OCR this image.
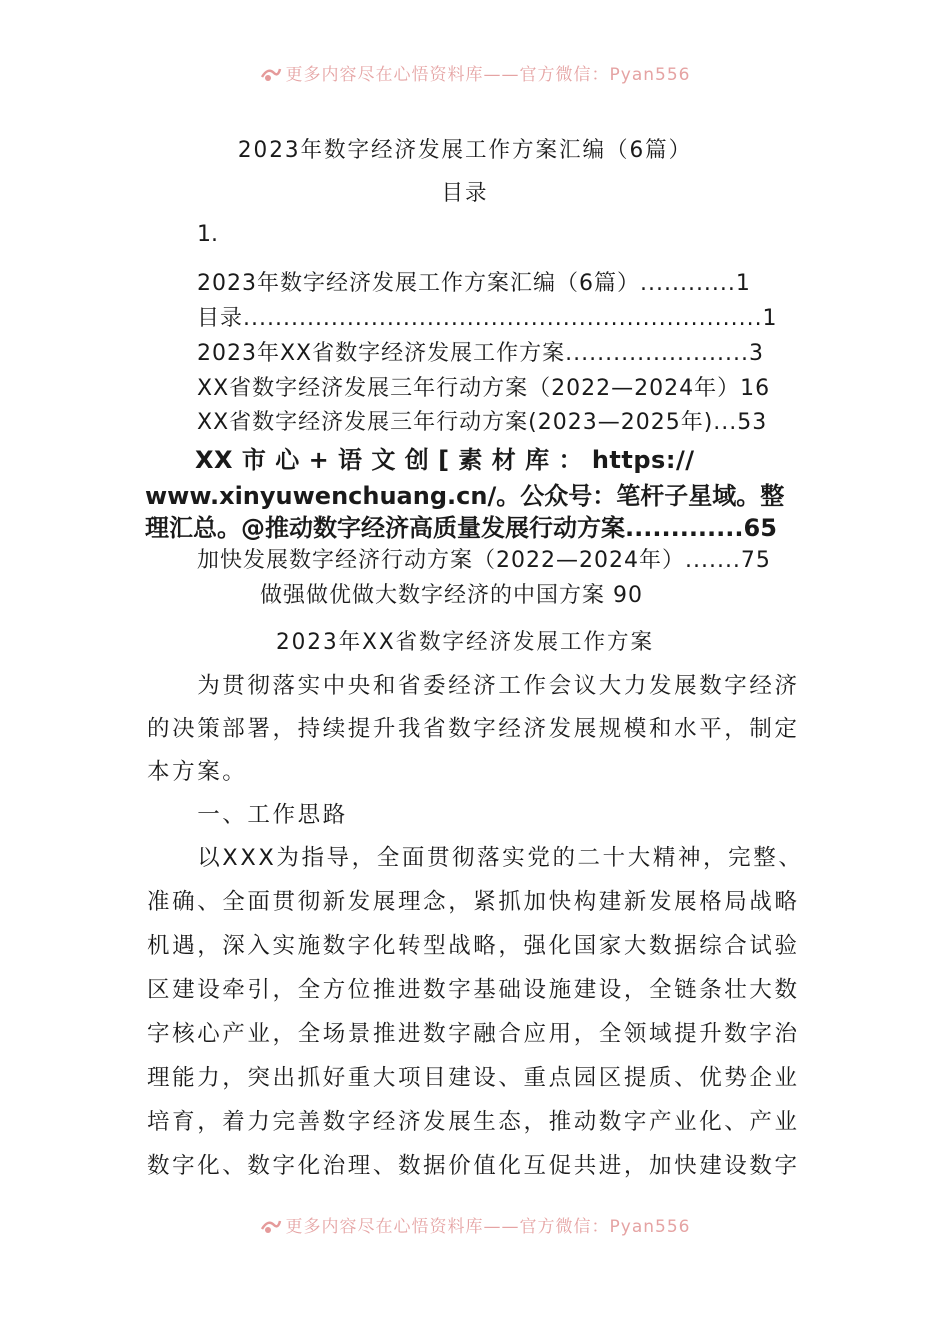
更多内容尽在心悟资料库——官方微信：Pyan556
2023年数字经济发展工作方案汇编（6篇）
目录
1.
2023年数字经济发展工作方案汇编（6篇）............1
目录.................................................................1
2023年XX省数字经济发展工作方案.......................3
XX省数字经济发展三年行动方案（2022—2024年）16
XX省数字经济发展三年行动方案(2023—2025年)...53
XX 市 心 + 语 文 创 [ 素 材 库 ： https://
www.xinyuwenchuang.cn/。公众号：笔杆子星域。整
理汇总。@推动数字经济高质量发展行动方案.............65
加快发展数字经济行动方案（2022—2024年）.......75
做强做优做大数字经济的中国方案 90
2023年XX省数字经济发展工作方案
　　为贯彻落实中央和省委经济工作会议大力发展数字经济
的决策部署，持续提升我省数字经济发展规模和水平，制定
本方案。
　　一、工作思路
　　以XXX为指导，全面贯彻落实党的二十大精神，完整、
准确、全面贯彻新发展理念，紧抓加快构建新发展格局战略
机遇，深入实施数字化转型战略，强化国家大数据综合试验
区建设牵引，全方位推进数字基础设施建设，全链条壮大数
字核心产业，全场景推进数字融合应用，全领域提升数字治
理能力，突出抓好重大项目建设、重点园区提质、优势企业
培育，着力完善数字经济发展生态，推动数字产业化、产业
数字化、数字化治理、数据价值化互促共进，加快建设数字
更多内容尽在心悟资料库——官方微信：Pyan556
